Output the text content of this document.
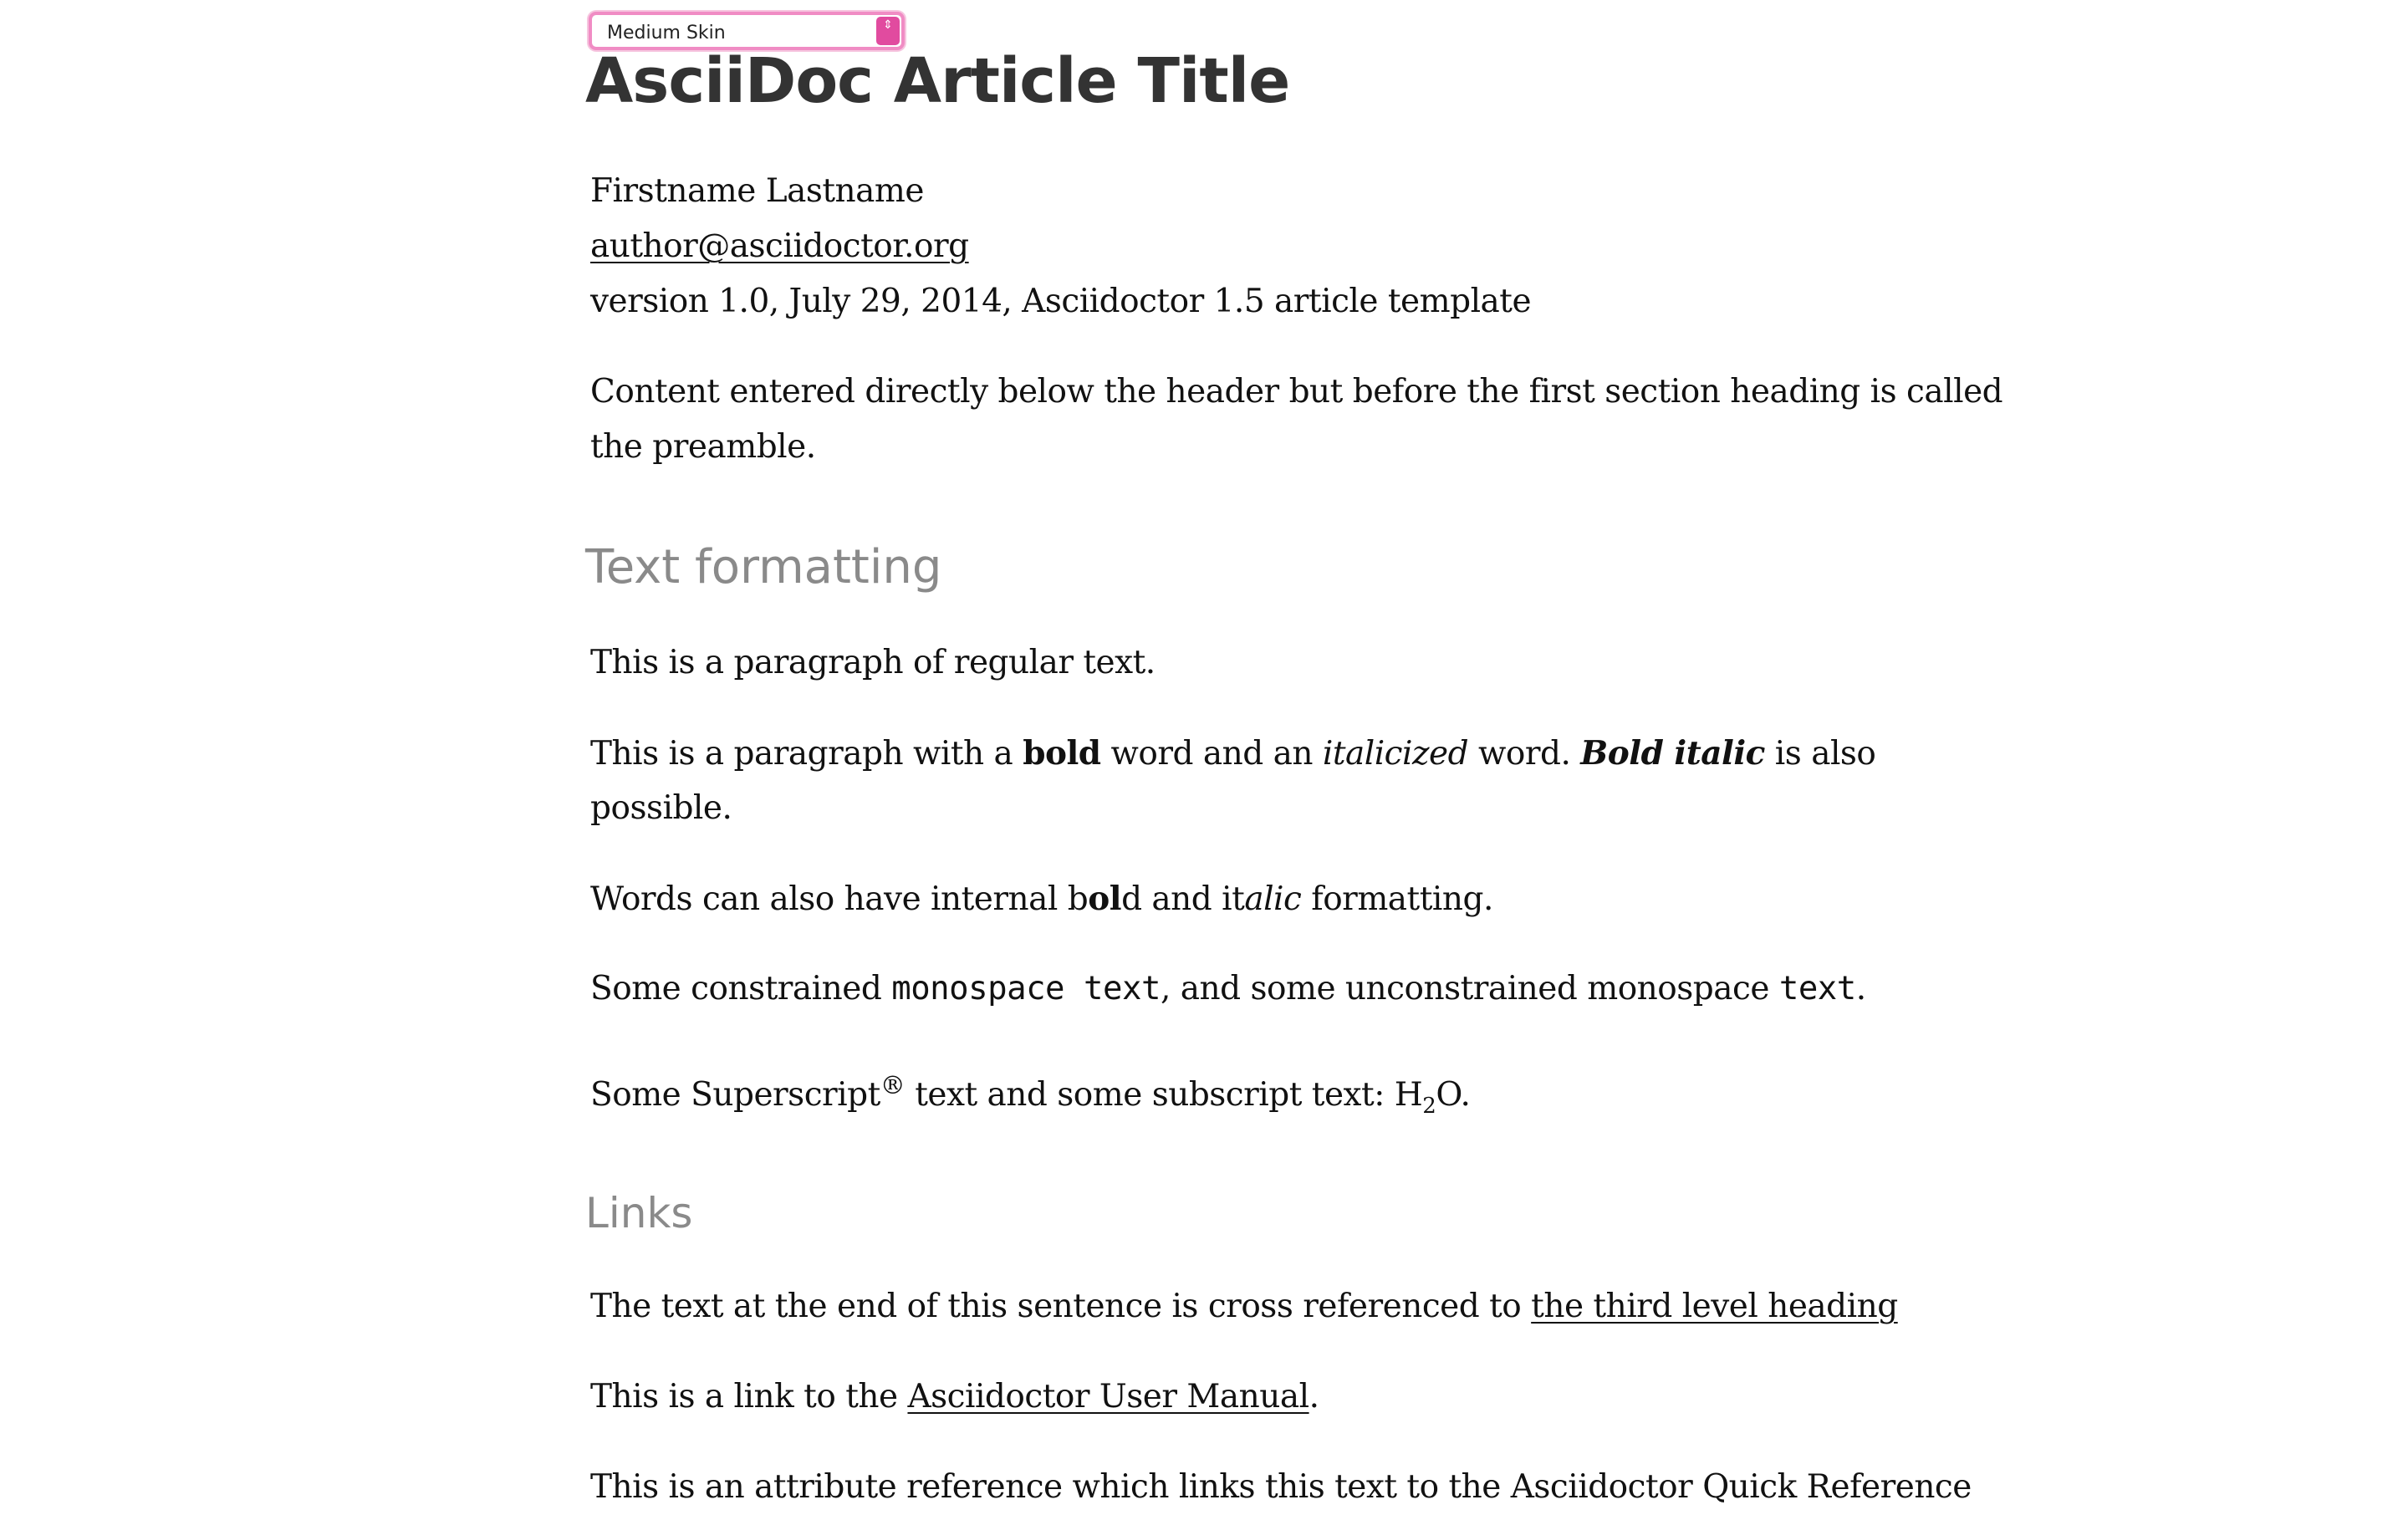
Medium Skin	⇕
AsciiDoc Article Title

Firstname Lastname

author@asciidoctor.org

version 1.0, July 29, 2014, Asciidoctor 1.5 article template

Content entered directly below the header but before the first section heading is called

the preamble.

Text formatting

This is a paragraph of regular text.

This is a paragraph with a bold word and an italicized word. Bold italic is also

possible.

Words can also have internal bold and italic formatting.

Some constrained monospace text, and some unconstrained monospace text.

Some Superscript® text and some subscript text: $H_2O$.

Links

The text at the end of this sentence is cross referenced to the third level heading

This is a link to the Asciidoctor User Manual.

This is an attribute reference which links this text to the Asciidoctor Quick Reference
